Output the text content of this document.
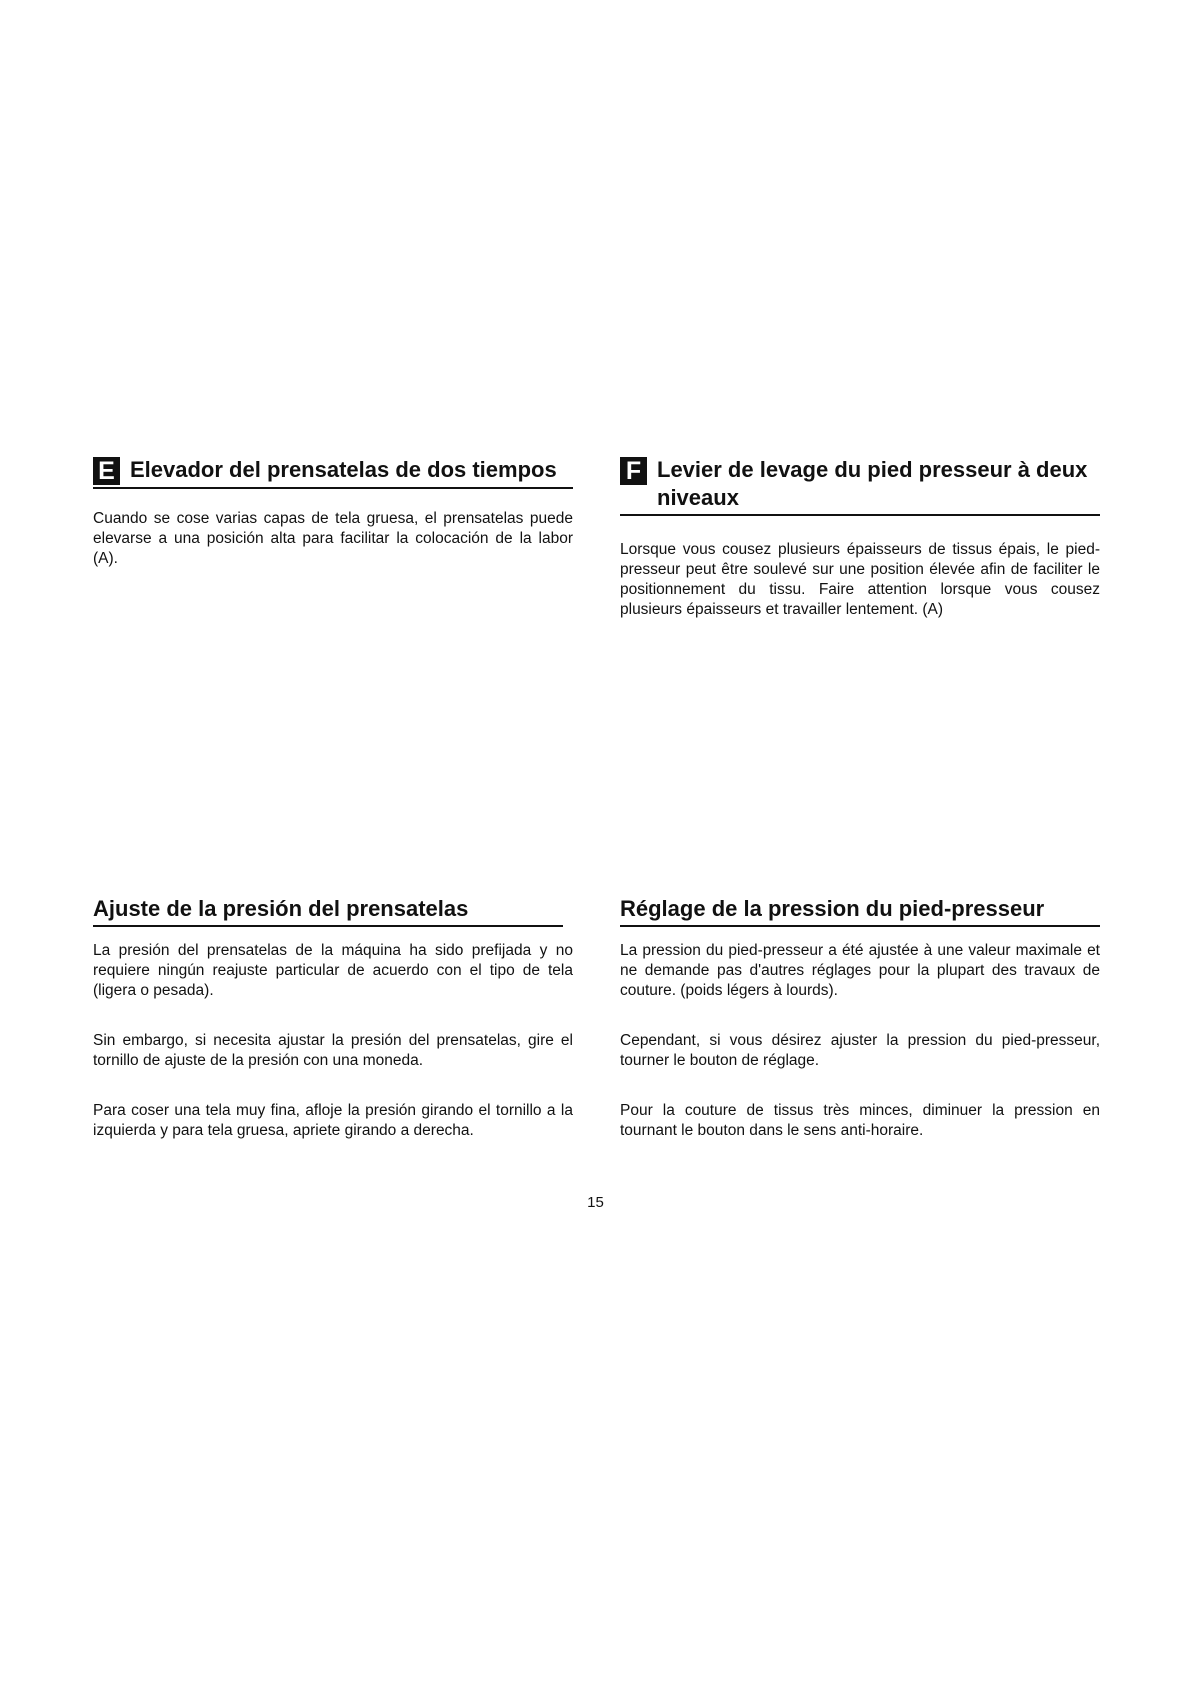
E Elevador del prensatelas de dos tiempos

Cuando se cose varias capas de tela gruesa, el prensatelas puede elevarse a una posición alta para facilitar la colocación de la labor (A).

F Levier de levage du pied presseur à deux niveaux

Lorsque vous cousez plusieurs épaisseurs de tissus épais, le pied-presseur peut être soulevé sur une position élevée afin de faciliter le positionnement du tissu. Faire attention lorsque vous cousez plusieurs épaisseurs et travailler lentement. (A)

Ajuste de la presión del prensatelas

La presión del prensatelas de la máquina ha sido prefijada y no requiere ningún reajuste particular de acuerdo con el tipo de tela (ligera o pesada).

Sin embargo, si necesita ajustar la presión del prensatelas, gire el tornillo de ajuste de la presión con una moneda.

Para coser una tela muy fina, afloje la presión girando el tornillo a la izquierda y para tela gruesa, apriete girando a derecha.

Réglage de la pression du pied-presseur

La pression du pied-presseur a été ajustée à une valeur maximale et ne demande pas d'autres réglages pour la plupart des travaux de couture. (poids légers à lourds).

Cependant, si vous désirez ajuster la pression du pied-presseur, tourner le bouton de réglage.

Pour la couture de tissus très minces, diminuer la pression en tournant le bouton dans le sens anti-horaire.

15
